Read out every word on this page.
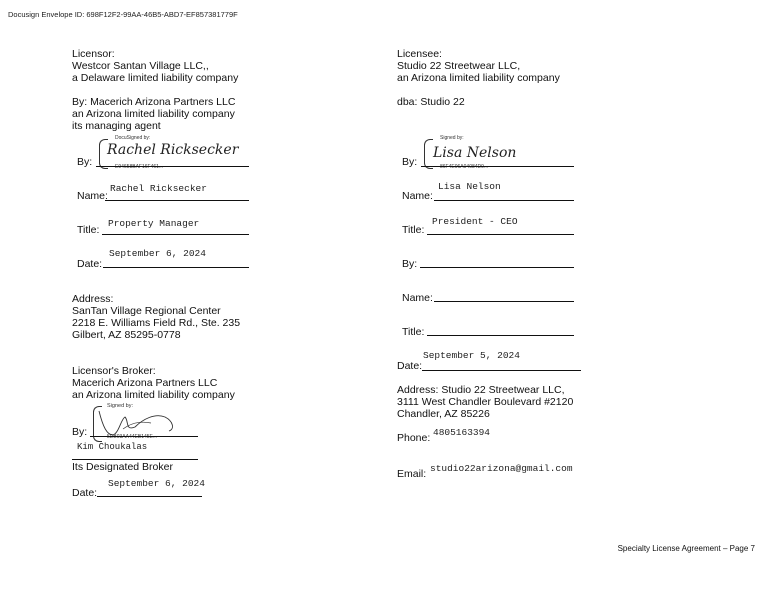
Docusign Envelope ID: 698F12F2-99AA-46B5-ABD7-EF857381779F
Licensor:
Westcor Santan Village LLC,,
a Delaware limited liability company
By: Macerich Arizona Partners LLC
an Arizona limited liability company
its managing agent
By:
DocuSigned by:
Rachel Ricksecker
E94658BAF16F461...
Name:
Rachel Ricksecker
Title:
Property Manager
Date:
September 6, 2024
Address:
SanTan Village Regional Center
2218 E. Williams Field Rd., Ste. 235
Gilbert, AZ 85295-0778
Licensor's Broker:
Macerich Arizona Partners LLC
an Arizona limited liability company
By:
Signed by:
5DB03AA44EB145E...
Kim Choukalas
Its Designated Broker
Date:
September 6, 2024
Licensee:
Studio 22 Streetwear LLC,
an Arizona limited liability company
dba: Studio 22
By:
Signed by:
Lisa Nelson
86F4E06A04084D9...
Name:
Lisa Nelson
Title:
President - CEO
By:
Name:
Title:
Date:
September 5, 2024
Address: Studio 22 Streetwear LLC,
3111 West Chandler Boulevard #2120
Chandler, AZ 85226
Phone: 4805163394
Email: studio22arizona@gmail.com
Specialty License Agreement – Page 7
